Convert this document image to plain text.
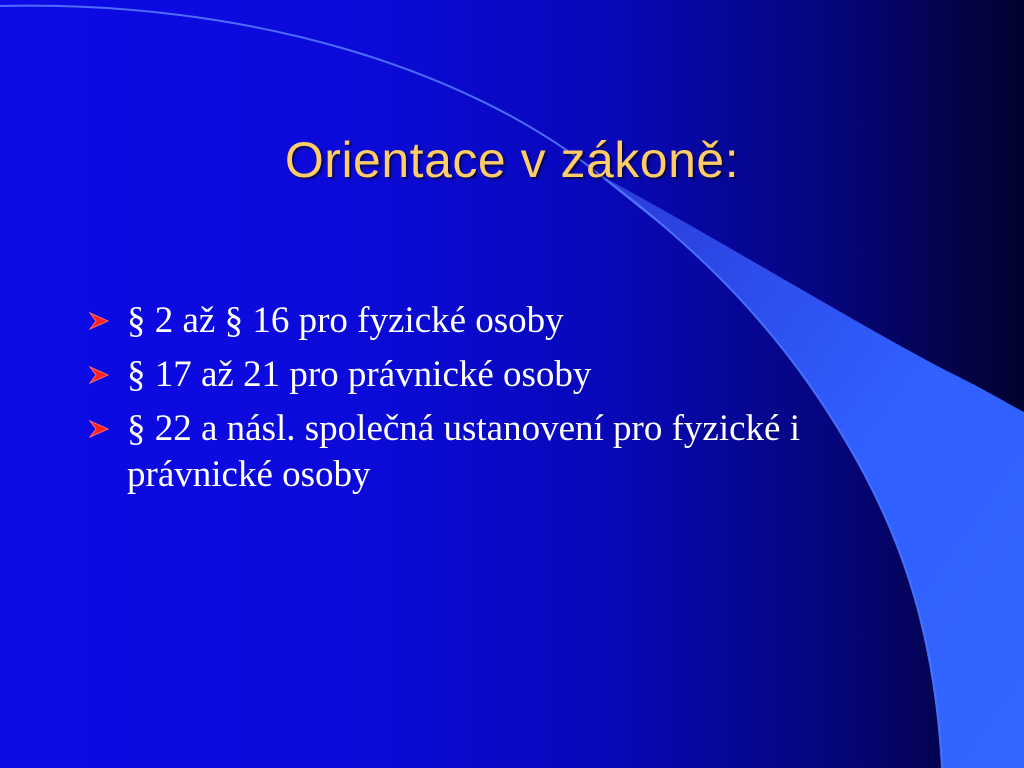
Orientace v zákoně:
§ 2 až § 16 pro fyzické osoby
§ 17 až 21 pro právnické osoby
§ 22 a násl. společná ustanovení pro fyzické i právnické osoby
